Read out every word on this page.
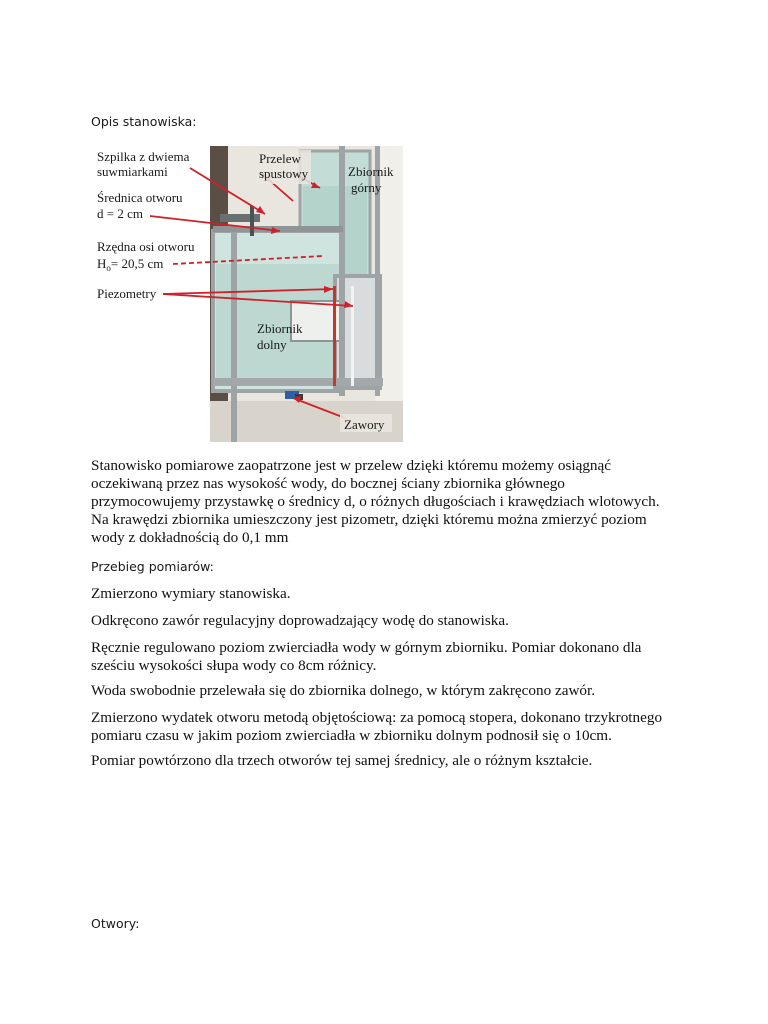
Opis stanowiska:
Szpilka z dwiema
suwmiarkami
Średnica otworu
d = 2 cm
Rzędna osi otworu
$H_o= 20,5$ cm
Piezometry
Przelew
spustowy	Zbiornik
górny
Zbiornik
dolny
Zawory
Stanowisko pomiarowe zaopatrzone jest w przelew dzięki któremu możemy osiągnąć
oczekiwaną przez nas wysokość wody, do bocznej ściany zbiornika głównego
przymocowujemy przystawkę o średnicy d, o różnych długościach i krawędziach wlotowych.
Na krawędzi zbiornika umieszczony jest pizometr, dzięki któremu można zmierzyć poziom
wody z dokładnością do 0,1 mm
Przebieg pomiarów:
Zmierzono wymiary stanowiska.
Odkręcono zawór regulacyjny doprowadzający wodę do stanowiska.
Ręcznie regulowano poziom zwierciadła wody w górnym zbiorniku. Pomiar dokonano dla
sześciu wysokości słupa wody co 8cm różnicy.
Woda swobodnie przelewała się do zbiornika dolnego, w którym zakręcono zawór.
Zmierzono wydatek otworu metodą objętościową: za pomocą stopera, dokonano trzykrotnego
pomiaru czasu w jakim poziom zwierciadła w zbiorniku dolnym podnosił się o 10cm.
Pomiar powtórzono dla trzech otworów tej samej średnicy, ale o różnym kształcie.
Otwory:
